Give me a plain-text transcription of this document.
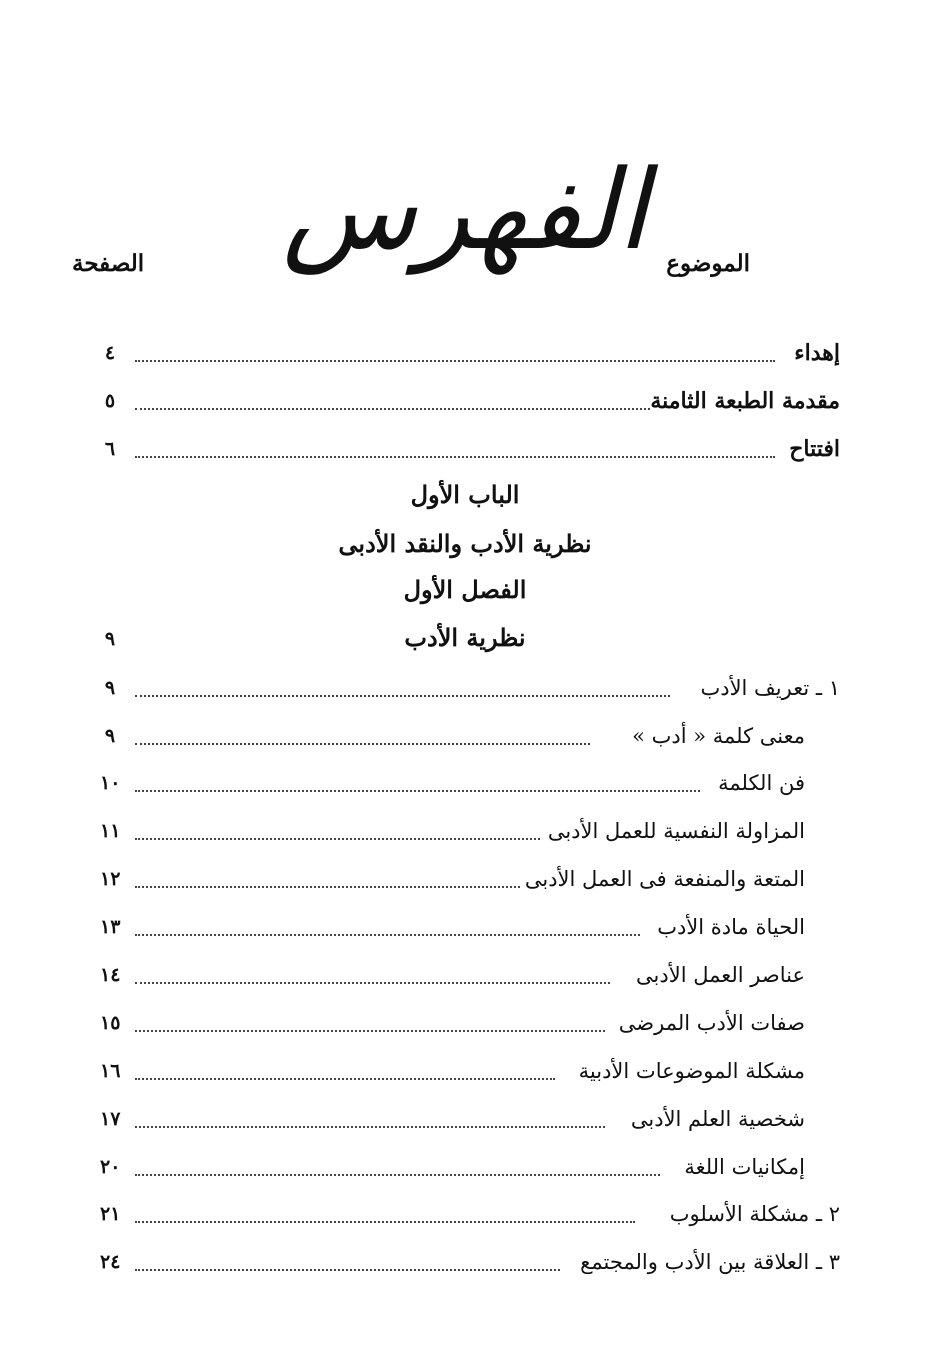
الفهرس الموضوع
الصفحة
إهداء
٤
مقدمة الطبعة الثامنة
٥
افتتاح
٦
الباب الأول
نظرية الأدب والنقد الأدبى
الفصل الأول
نظرية الأدب
٩
١ ـ تعريف الأدب
٩
معنى كلمة « أدب »
٩
فن الكلمة
١٠
المزاولة النفسية للعمل الأدبى
١١
المتعة والمنفعة فى العمل الأدبى
١٢
الحياة مادة الأدب
١٣
عناصر العمل الأدبى
١٤
صفات الأدب المرضى
١٥
مشكلة الموضوعات الأدبية
١٦
شخصية العلم الأدبى
١٧
إمكانيات اللغة
٢٠
٢ ـ مشكلة الأسلوب
٢١
٣ ـ العلاقة بين الأدب والمجتمع
٢٤
